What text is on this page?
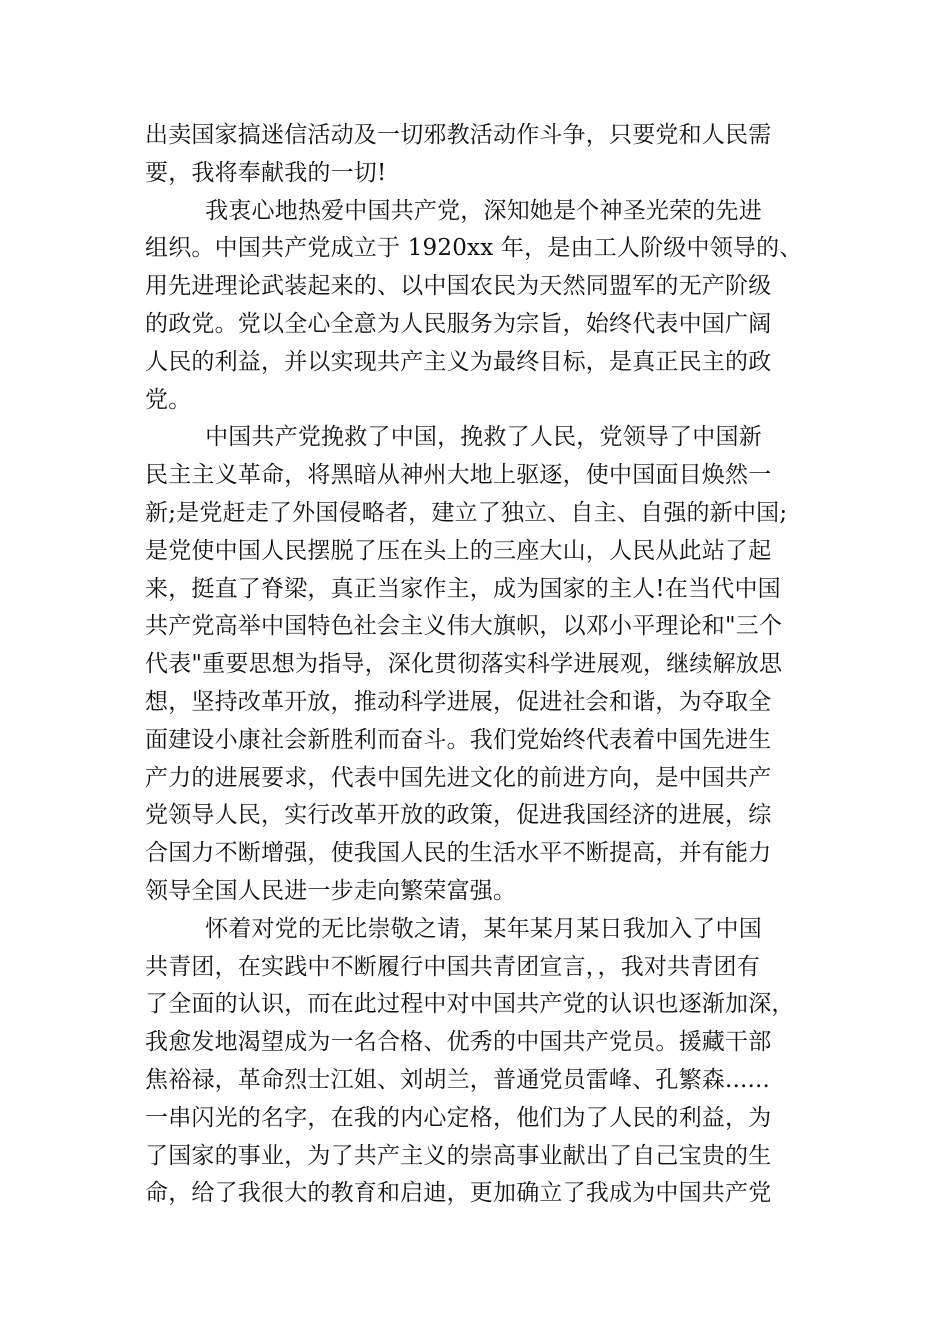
出卖国家搞迷信活动及一切邪教活动作斗争，只要党和人民需
要，我将奉献我的一切!
我衷心地热爱中国共产党，深知她是个神圣光荣的先进
组织。中国共产党成立于 1920xx 年，是由工人阶级中领导的、
用先进理论武装起来的、以中国农民为天然同盟军的无产阶级
的政党。党以全心全意为人民服务为宗旨，始终代表中国广阔
人民的利益，并以实现共产主义为最终目标，是真正民主的政
党。
中国共产党挽救了中国，挽救了人民，党领导了中国新
民主主义革命，将黑暗从神州大地上驱逐，使中国面目焕然一
新;是党赶走了外国侵略者，建立了独立、自主、自强的新中国;
是党使中国人民摆脱了压在头上的三座大山，人民从此站了起
来，挺直了脊梁，真正当家作主，成为国家的主人!在当代中国
共产党高举中国特色社会主义伟大旗帜，以邓小平理论和"三个
代表"重要思想为指导，深化贯彻落实科学进展观，继续解放思
想，坚持改革开放，推动科学进展，促进社会和谐，为夺取全
面建设小康社会新胜利而奋斗。我们党始终代表着中国先进生
产力的进展要求，代表中国先进文化的前进方向，是中国共产
党领导人民，实行改革开放的政策，促进我国经济的进展，综
合国力不断增强，使我国人民的生活水平不断提高，并有能力
领导全国人民进一步走向繁荣富强。
怀着对党的无比崇敬之请，某年某月某日我加入了中国
共青团，在实践中不断履行中国共青团宣言，，我对共青团有
了全面的认识，而在此过程中对中国共产党的认识也逐渐加深，
我愈发地渴望成为一名合格、优秀的中国共产党员。援藏干部
焦裕禄，革命烈士江姐、刘胡兰，普通党员雷峰、孔繁森......
一串闪光的名字，在我的内心定格，他们为了人民的利益，为
了国家的事业，为了共产主义的崇高事业献出了自己宝贵的生
命，给了我很大的教育和启迪，更加确立了我成为中国共产党
